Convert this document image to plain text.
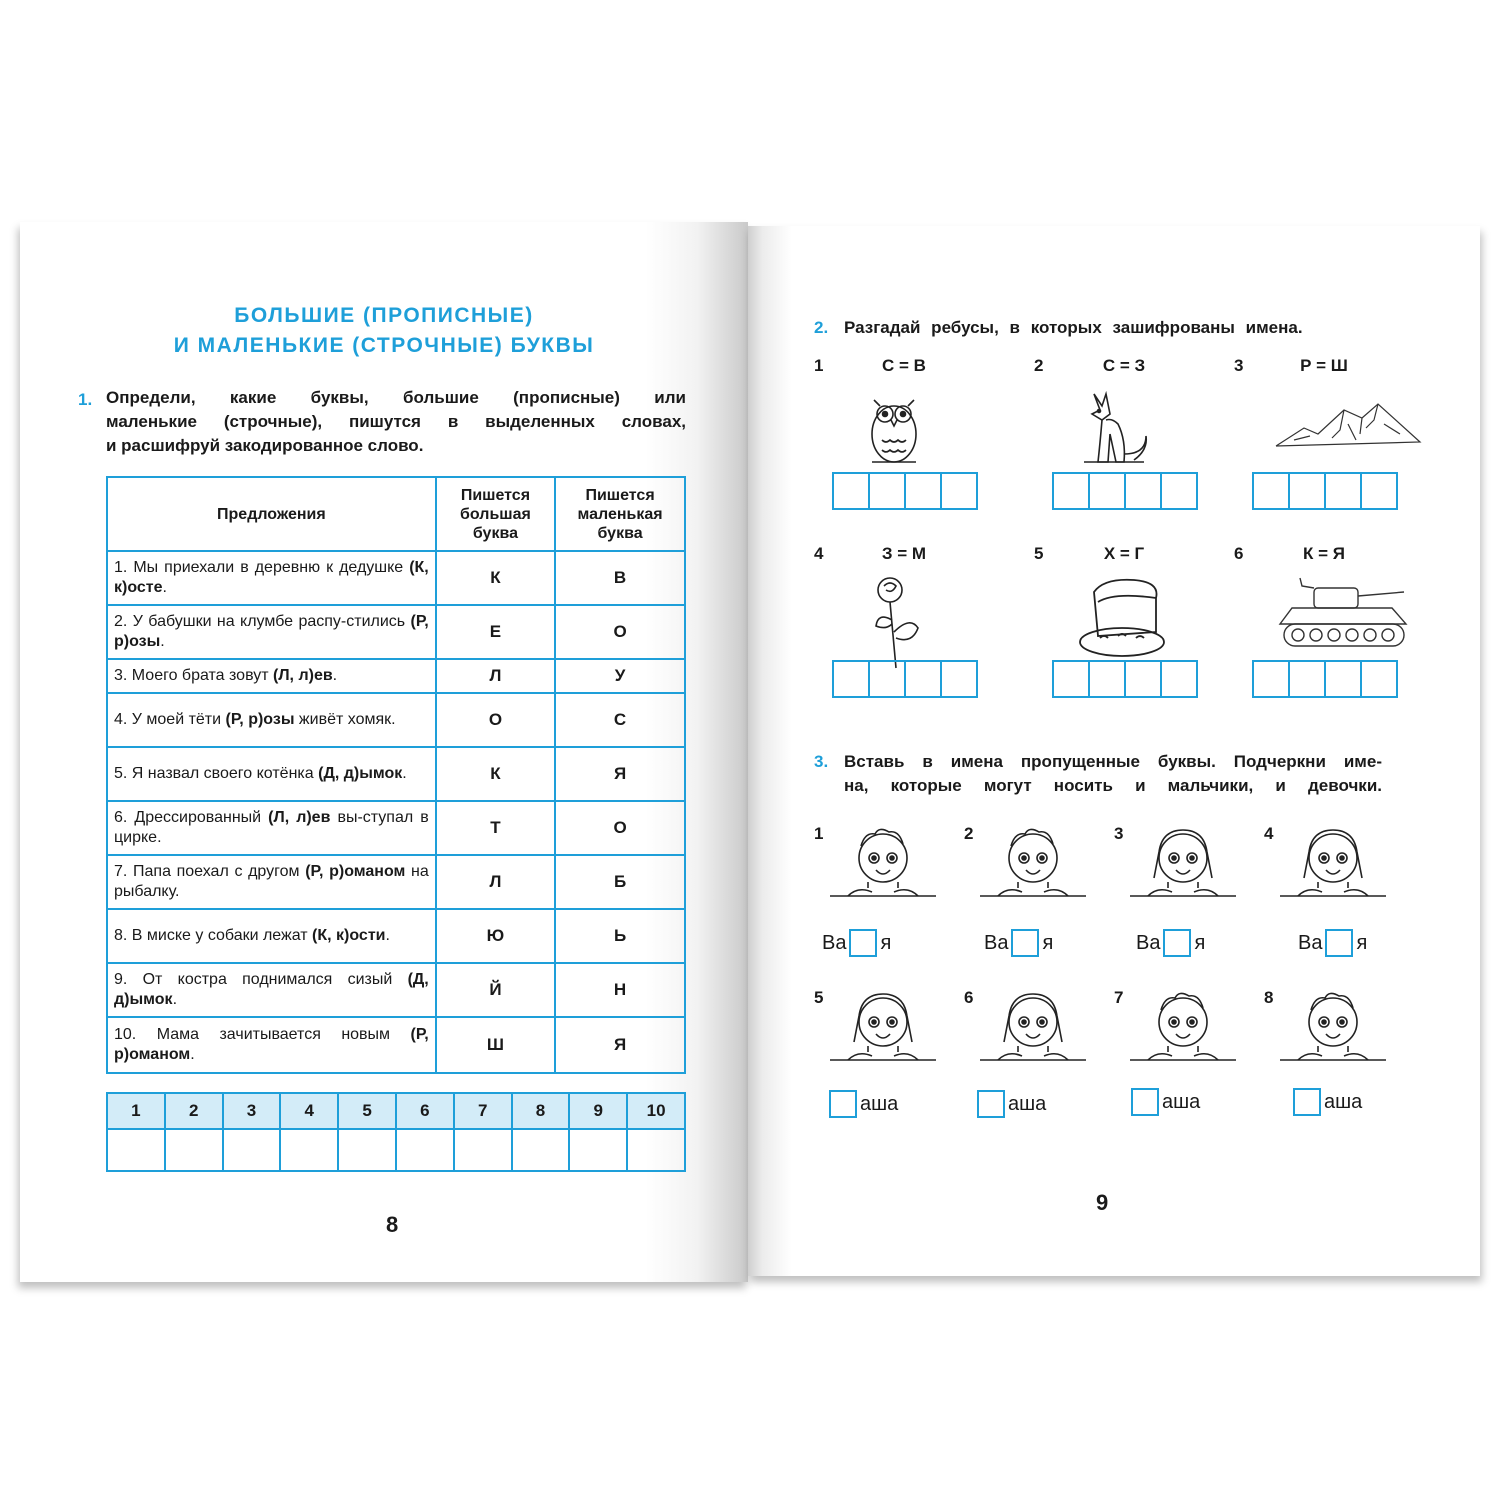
БОЛЬШИЕ (ПРОПИСНЫЕ)
И МАЛЕНЬКИЕ (СТРОЧНЫЕ) БУКВЫ
1. Определи, какие буквы, большие (прописные) или
маленькие (строчные), пишутся в выделенных словах,
и расшифруй закодированное слово.
Предложения	Пишется большая буква	Пишется маленькая буква
1. Мы приехали в деревню к дедушке (К, к)осте.	К	В
2. У бабушки на клумбе распу-стились (Р, р)озы.	Е	О
3. Моего брата зовут (Л, л)ев.	Л	У
4. У моей тёти (Р, р)озы живёт хомяк.	О	С
5. Я назвал своего котёнка (Д, д)ымок.	К	Я
6. Дрессированный (Л, л)ев вы-ступал в цирке.	Т	О
7. Папа поехал с другом (Р, р)оманом на рыбалку.	Л	Б
8. В миске у собаки лежат (К, к)ости.	Ю	Ь
9. От костра поднимался сизый (Д, д)ымок.	Й	Н
10. Мама зачитывается новым (Р, р)оманом.	Ш	Я
1	2	3	4	5	6	7	8	9	10

8
2. Разгадай ребусы, в которых зашифрованы имена.
1	С = В	2	С = З	3	Р = Ш
4	З = М	5	Х = Г	6	К = Я
3. Вставь в имена пропущенные буквы. Подчеркни име-
на, которые могут носить и мальчики, и девочки.
1
Ва я
2
Ва я
3
Ва я
4
Ва я
5
аша
6
аша
7
аша
8
аша
9
